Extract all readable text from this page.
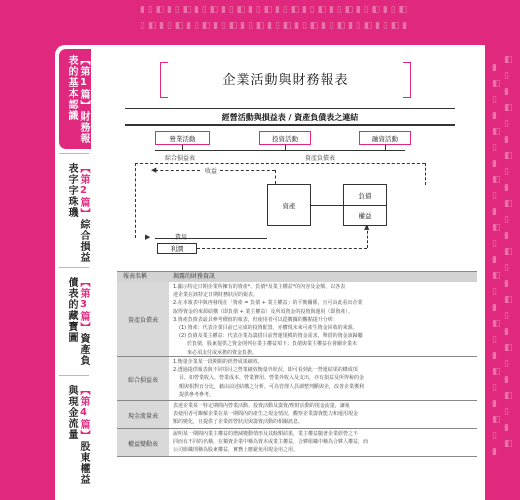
▮ ▯ ◧ ▮ ▯ ◧ ▮ ▯ ◧ ▮ ▯ ◧ ▮ ▯ ◧ ▮ ▯ ◧ ▮ ▯ ◧ ▮ ▯ ◧ ▮ ▯ ◧ ▮ ▯ ◧
▯ ◧ ▮ ▯ ◧ ▮ ▯ ◧ ▮ ▯ ◧ ▮ ▯ ◧ ▮ ▯ ◧ ▮ ▯ ◧ ▮ ▯ ◧ ▮ ▯ ◧ ▮ ▯ ◧ ▮
▮
◧
▯
▮
◧
▯
▮
◧
▯
▮
◧
▯
▮
◧
▯
▮
◧
▯
▮
◧
▯
▮
◧
▯
▮
◧
▯
▮
◧
▯
▮
◧
▯
▮
◧
▯
▮
◧
▯
▮
◧
▯
▮
◧
▯
▮
◧
▯
▮
◧
【第1篇】財務報表的基本認識
【第2篇】綜合損益表字字珠璣
【第3篇】資產負債表的藏寶圖
【第4篇】股東權益與現金流量
企業活動與財務報表
經營活動與損益表 / 資產負債表之連結
營業活動	投資活動	融資活動
綜合損益表	資產負債表
▶
收益
◀
資產
負債
權益
利潤
▲
報表名稱	揭露的財務資訊
資產負債表
1.顯示特定日期企業所擁有的資產*、負債*及業主權益*的內容及金額，以各表
達企業在該特定日期財務狀況的報表。
2.在本報表中與再發現在「資產 = 負債 + 業主權益」的平衡關係，且可由此看出企業
取得資金的來源結構（即負債 + 業主權益）及所須資金的投資與運用（即資產）。
3.資產負債表最具參考價值的報表，但使用者可以從數據的觀點提升分析：
(1) 資產：代表企業目前已完成的投資配置，亦體現未來可產生資金回收的來源。
(2) 負債及業主權益：代表企業為籌措目前營運規模的資金需求，舉借的資金該歸屬
於負債，股東提供之資金則列在業主權益項下；負債與業主權益在會關企業未
來必須支付或承擔的資金負擔。
綜合損益表
1.衡量企業某一段期間的經營成果績效。
2.透過提供報表與不同項目之營業績效衡量外狀況，即可看到此一營運結果的構成項
目，如營業收入、營業成本、營業費用、營業外收入及支出，亦有損益及所得稅的金
額與相對百分比，藉由前述結構之分析，可為管理人員調整判斷與企，改善企業獲利
提供參考參考。
現金流量表
表達企業某一特定期間內營業活動、投資活動及籌資/理財活動的現金流量，讓報
表使用者可瞭解企業在某一期間內的產生之現金情況，觀察企業籌資能力和運用現金
額的變化，且提供了企業經營狀況與籌資活動的相關訊息。
權益變動表
說明某一期間內業主權益的增減變動情形及其餘額結果，業主權益隨著企業經營之不
同而有不同的名稱，在獨資企業中稱為資本或業主權益，合夥組織中稱為合夥人權益，而
公司組織則稱為股東權益，實務上應避免用現金用之用。
17
